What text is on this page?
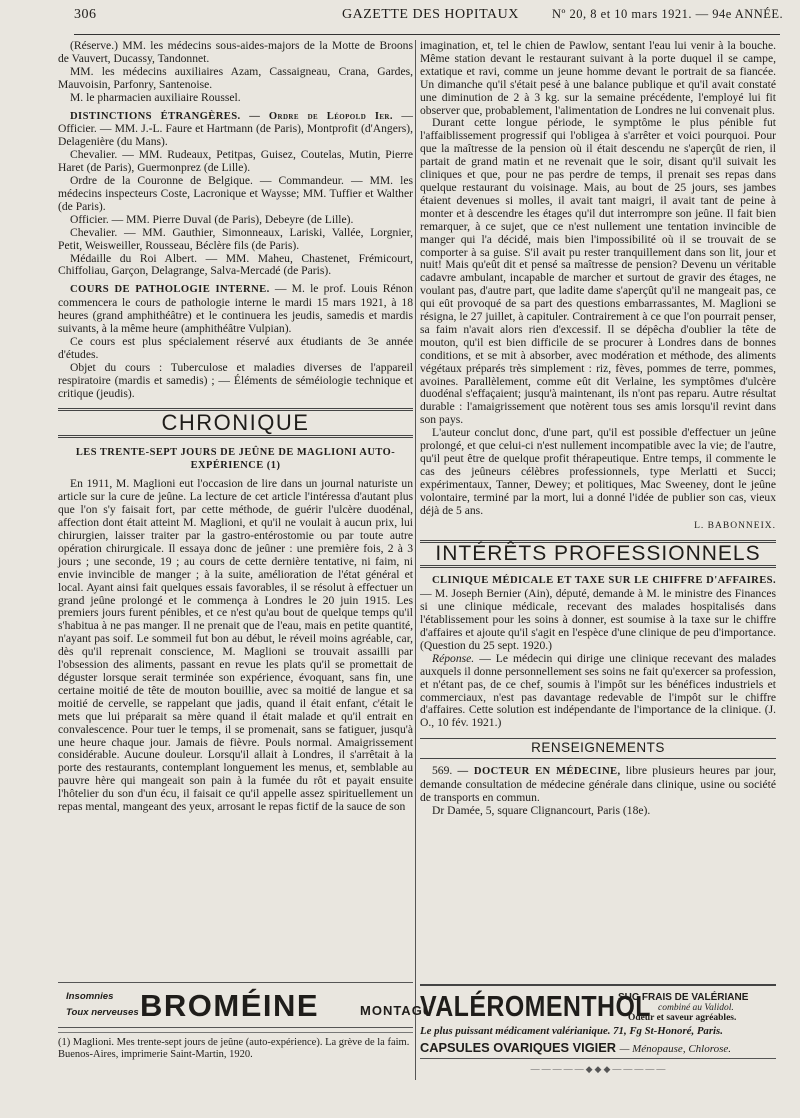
306	GAZETTE DES HOPITAUX	Nº 20, 8 et 10 mars 1921. — 94e ANNÉE.

(Réserve.) MM. les médecins sous-aides-majors de la Motte de Broons de Vauvert, Ducassy, Tandonnet.

MM. les médecins auxiliaires Azam, Cassaigneau, Crana, Gardes, Mauvoisin, Parfonry, Santenoise.

M. le pharmacien auxiliaire Roussel.

DISTINCTIONS ÉTRANGÈRES. — Ordre de Léopold Ier. — Officier. — MM. J.-L. Faure et Hartmann (de Paris), Montprofit (d'Angers), Delagenière (du Mans).

Chevalier. — MM. Rudeaux, Petitpas, Guisez, Coutelas, Mutin, Pierre Haret (de Paris), Guermonprez (de Lille).

Ordre de la Couronne de Belgique. — Commandeur. — MM. les médecins inspecteurs Coste, Lacronique et Waysse; MM. Tuffier et Walther (de Paris).

Officier. — MM. Pierre Duval (de Paris), Debeyre (de Lille).

Chevalier. — MM. Gauthier, Simonneaux, Lariski, Vallée, Lorgnier, Petit, Weisweiller, Rousseau, Béclère fils (de Paris).

Médaille du Roi Albert. — MM. Maheu, Chastenet, Frémicourt, Chiffoliau, Garçon, Delagrange, Salva-Mercadé (de Paris).

COURS DE PATHOLOGIE INTERNE. — M. le prof. Louis Rénon commencera le cours de pathologie interne le mardi 15 mars 1921, à 18 heures (grand amphithéâtre) et le continuera les jeudis, samedis et mardis suivants, à la même heure (amphithéâtre Vulpian).

Ce cours est plus spécialement réservé aux étudiants de 3e année d'études.

Objet du cours : Tuberculose et maladies diverses de l'appareil respiratoire (mardis et samedis) ; — Éléments de séméiologie technique et critique (jeudis).

CHRONIQUE
LES TRENTE-SEPT JOURS DE JEÛNE DE MAGLIONI AUTO-EXPÉRIENCE (1)

En 1911, M. Maglioni eut l'occasion de lire dans un journal naturiste un article sur la cure de jeûne. La lecture de cet article l'intéressa d'autant plus que l'on s'y faisait fort, par cette méthode, de guérir l'ulcère duodénal, affection dont était atteint M. Maglioni, et qu'il ne voulait à aucun prix, lui chirurgien, laisser traiter par la gastro-entérostomie ou par toute autre opération chirurgicale. Il essaya donc de jeûner : une première fois, 2 à 3 jours ; une seconde, 19 ; au cours de cette dernière tentative, ni faim, ni envie invincible de manger ; à la suite, amélioration de l'état général et local. Ayant ainsi fait quelques essais favorables, il se résolut à effectuer un grand jeûne prolongé et le commença à Londres le 20 juin 1915. Les premiers jours furent pénibles, et ce n'est qu'au bout de quelque temps qu'il s'habitua à ne pas manger. Il ne prenait que de l'eau, mais en petite quantité, n'ayant pas soif. Le sommeil fut bon au début, le réveil moins agréable, car, dès qu'il reprenait conscience, M. Maglioni se trouvait assailli par l'obsession des aliments, passant en revue les plats qu'il se promettait de déguster lorsque serait terminée son expérience, évoquant, sans fin, une certaine moitié de tête de mouton bouillie, avec sa moitié de langue et sa moitié de cervelle, se rappelant que jadis, quand il était enfant, c'était le mets que lui préparait sa mère quand il était malade et qu'il entrait en convalescence. Pour tuer le temps, il se promenait, sans se fatiguer, jusqu'à une heure chaque jour. Jamais de fièvre. Pouls normal. Amaigrissement considérable. Aucune douleur. Lorsqu'il allait à Londres, il s'arrêtait à la porte des restaurants, contemplant longuement les menus, et, semblable au pauvre hère qui mangeait son pain à la fumée du rôt et payait ensuite l'hôtelier du son d'un écu, il faisait ce qu'il appelle assez spirituellement un repas mental, mangeant des yeux, arrosant le repas fictif de la sauce de son

Insomnies
Toux nerveuses BROMÉINE	MONTAGU
(1) Maglioni. Mes trente-sept jours de jeûne (auto-expérience). La grève de la faim. Buenos-Aires, imprimerie Saint-Martin, 1920.

imagination, et, tel le chien de Pawlow, sentant l'eau lui venir à la bouche. Même station devant le restaurant suivant à la porte duquel il se campe, extatique et ravi, comme un jeune homme devant le portrait de sa fiancée. Un dimanche qu'il s'était pesé à une balance publique et qu'il avait constaté une diminution de 2 à 3 kg. sur la semaine précédente, l'employé lui fit observer que, probablement, l'alimentation de Londres ne lui convenait plus.

Durant cette longue période, le symptôme le plus pénible fut l'affaiblissement progressif qui l'obligea à s'arrêter et voici pourquoi. Pour que la maîtresse de la pension où il était descendu ne s'aperçût de rien, il partait de grand matin et ne revenait que le soir, disant qu'il suivait les cliniques et que, pour ne pas perdre de temps, il prenait ses repas dans quelque restaurant du voisinage. Mais, au bout de 25 jours, ses jambes étaient devenues si molles, il avait tant maigri, il avait tant de peine à monter et à descendre les étages qu'il dut interrompre son jeûne. Il fait bien remarquer, à ce sujet, que ce n'est nullement une tentation invincible de manger qui l'a décidé, mais bien l'impossibilité où il se trouvait de se comporter à sa guise. S'il avait pu rester tranquillement dans son lit, jour et nuit! Mais qu'eût dit et pensé sa maîtresse de pension? Devenu un véritable cadavre ambulant, incapable de marcher et surtout de gravir des étages, ne voulant pas, d'autre part, que ladite dame s'aperçût qu'il ne mangeait pas, ce qui eût provoqué de sa part des questions embarrassantes, M. Maglioni se résigna, le 27 juillet, à capituler. Contrairement à ce que l'on pourrait penser, sa faim n'avait alors rien d'excessif. Il se dépêcha d'oublier la tête de mouton, qu'il est bien difficile de se procurer à Londres dans de bonnes conditions, et se mit à absorber, avec modération et méthode, des aliments végétaux préparés très simplement : riz, fèves, pommes de terre, pommes, avoines. Parallèlement, comme eût dit Verlaine, les symptômes d'ulcère duodénal s'effaçaient; jusqu'à maintenant, ils n'ont pas reparu. Autre résultat durable : l'amaigrissement que notèrent tous ses amis lorsqu'il revint dans son pays.

L'auteur conclut donc, d'une part, qu'il est possible d'effectuer un jeûne prolongé, et que celui-ci n'est nullement incompatible avec la vie; de l'autre, qu'il peut être de quelque profit thérapeutique. Entre temps, il commente le cas des jeûneurs célèbres professionnels, type Merlatti et Succi; expérimentaux, Tanner, Dewey; et politiques, Mac Sweeney, dont le jeûne volontaire, terminé par la mort, lui a donné l'idée de publier son cas, vieux déjà de 5 ans.

L. BABONNEIX.
INTÉRÊTS PROFESSIONNELS

CLINIQUE MÉDICALE ET TAXE SUR LE CHIFFRE D'AFFAIRES. — M. Joseph Bernier (Ain), député, demande à M. le ministre des Finances si une clinique médicale, recevant des malades hospitalisés dans l'établissement pour les soins à donner, est soumise à la taxe sur le chiffre d'affaires et ajoute qu'il s'agit en l'espèce d'une clinique de peu d'importance. (Question du 25 sept. 1920.)

Réponse. — Le médecin qui dirige une clinique recevant des malades auxquels il donne personnellement ses soins ne fait qu'exercer sa profession, et n'étant pas, de ce chef, soumis à l'impôt sur les bénéfices industriels et commerciaux, n'est pas davantage redevable de l'impôt sur le chiffre d'affaires. Cette solution est indépendante de l'importance de la clinique. (J. O., 10 fév. 1921.)

RENSEIGNEMENTS

569. — DOCTEUR EN MÉDECINE, libre plusieurs heures par jour, demande consultation de médecine générale dans clinique, usine ou société de transports en commun.

Dr Damée, 5, square Clignancourt, Paris (18e).

VALÉROMENTHOL
SUC FRAIS DE VALÉRIANE
combiné au Validol.
Odeur et saveur agréables.
Le plus puissant médicament valérianique. 71, Fg St-Honoré, Paris.
CAPSULES OVARIQUES VIGIER — Ménopause, Chlorose.
—————◆◆◆—————
